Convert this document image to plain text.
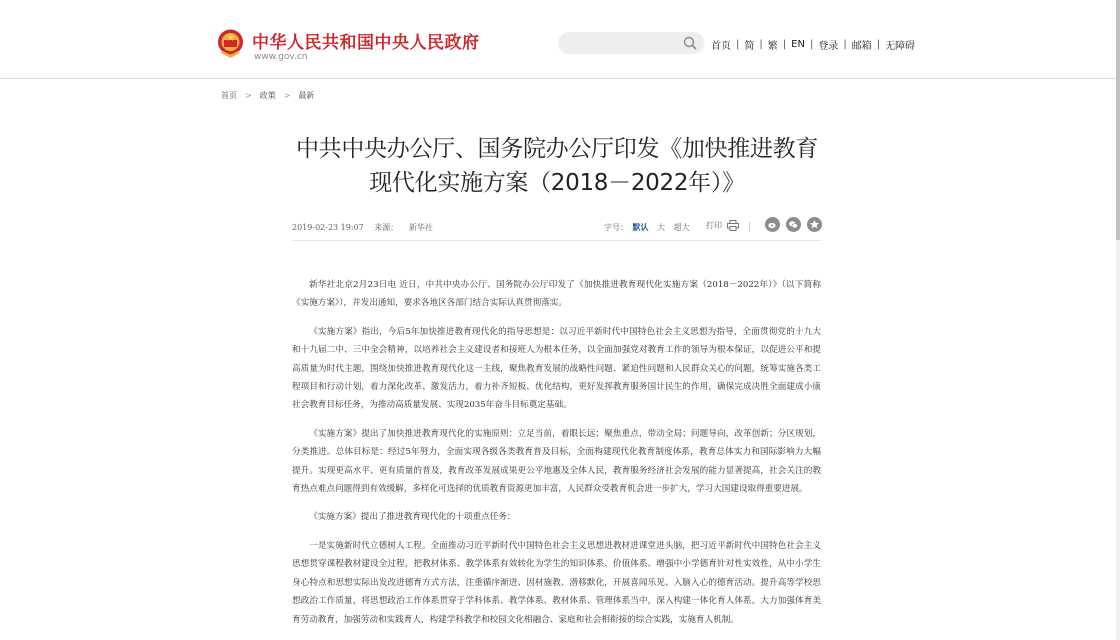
中华人民共和国中央人民政府
www.gov.cn
首页 | 简 | 繁 | EN | 登录 | 邮箱 | 无障碍
首页 > 政策 > 最新
中共中央办公厅、国务院办公厅印发《加快推进教育现代化实施方案（2018－2022年）》
2019-02-23 19:07 来源： 新华社	字号： 默认 大 超大 打印

新华社北京2月23日电 近日，中共中央办公厅、国务院办公厅印发了《加快推进教育现代化实施方案（2018－2022年）》（以下简称《实施方案》），并发出通知，要求各地区各部门结合实际认真贯彻落实。

《实施方案》指出，今后5年加快推进教育现代化的指导思想是：以习近平新时代中国特色社会主义思想为指导，全面贯彻党的十九大和十九届二中、三中全会精神，以培养社会主义建设者和接班人为根本任务，以全面加强党对教育工作的领导为根本保证，以促进公平和提高质量为时代主题，围绕加快推进教育现代化这一主线，聚焦教育发展的战略性问题、紧迫性问题和人民群众关心的问题，统筹实施各类工程项目和行动计划，着力深化改革、激发活力，着力补齐短板、优化结构，更好发挥教育服务国计民生的作用，确保完成决胜全面建成小康社会教育目标任务，为推动高质量发展、实现2035年奋斗目标奠定基础。

《实施方案》提出了加快推进教育现代化的实施原则：立足当前，着眼长远；聚焦重点，带动全局；问题导向，改革创新；分区规划，分类推进。总体目标是：经过5年努力，全面实现各级各类教育普及目标，全面构建现代化教育制度体系，教育总体实力和国际影响力大幅提升。实现更高水平、更有质量的普及，教育改革发展成果更公平地惠及全体人民，教育服务经济社会发展的能力显著提高，社会关注的教育热点难点问题得到有效缓解，多样化可选择的优质教育资源更加丰富，人民群众受教育机会进一步扩大，学习大国建设取得重要进展。

《实施方案》提出了推进教育现代化的十项重点任务：

一是实施新时代立德树人工程。全面推动习近平新时代中国特色社会主义思想进教材进课堂进头脑，把习近平新时代中国特色社会主义思想贯穿课程教材建设全过程，把教材体系、教学体系有效转化为学生的知识体系、价值体系。增强中小学德育针对性实效性，从中小学生身心特点和思想实际出发改进德育方式方法，注重循序渐进、因材施教、潜移默化，开展喜闻乐见、入脑入心的德育活动。提升高等学校思想政治工作质量，将思想政治工作体系贯穿于学科体系、教学体系、教材体系、管理体系当中，深入构建一体化育人体系。大力加强体育美育劳动教育，加强劳动和实践育人，构建学科教学和校园文化相融合、家庭和社会相衔接的综合实践，实施育人机制。
